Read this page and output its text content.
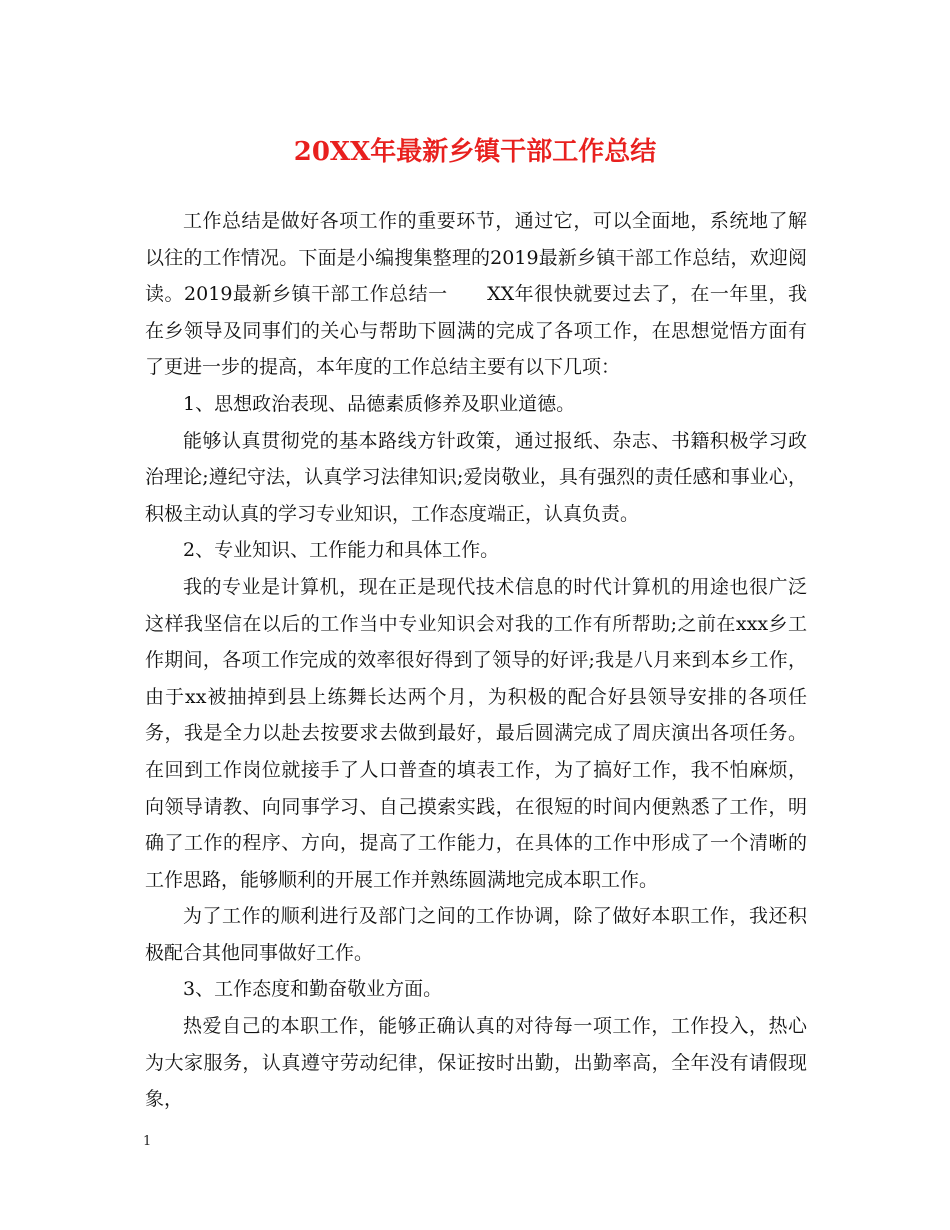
20XX年最新乡镇干部工作总结

工作总结是做好各项工作的重要环节，通过它，可以全面地，系统地了解以往的工作情况。下面是小编搜集整理的2019最新乡镇干部工作总结，欢迎阅读。2019最新乡镇干部工作总结一      XX年很快就要过去了，在一年里，我在乡领导及同事们的关心与帮助下圆满的完成了各项工作，在思想觉悟方面有了更进一步的提高，本年度的工作总结主要有以下几项：

1、思想政治表现、品德素质修养及职业道德。

能够认真贯彻党的基本路线方针政策，通过报纸、杂志、书籍积极学习政治理论;遵纪守法，认真学习法律知识;爱岗敬业，具有强烈的责任感和事业心，积极主动认真的学习专业知识，工作态度端正，认真负责。

2、专业知识、工作能力和具体工作。

我的专业是计算机，现在正是现代技术信息的时代计算机的用途也很广泛这样我坚信在以后的工作当中专业知识会对我的工作有所帮助;之前在xxx乡工作期间，各项工作完成的效率很好得到了领导的好评;我是八月来到本乡工作，由于xx被抽掉到县上练舞长达两个月，为积极的配合好县领导安排的各项任务，我是全力以赴去按要求去做到最好，最后圆满完成了周庆演出各项任务。在回到工作岗位就接手了人口普查的填表工作，为了搞好工作，我不怕麻烦，向领导请教、向同事学习、自己摸索实践，在很短的时间内便熟悉了工作，明确了工作的程序、方向，提高了工作能力，在具体的工作中形成了一个清晰的工作思路，能够顺利的开展工作并熟练圆满地完成本职工作。

为了工作的顺利进行及部门之间的工作协调，除了做好本职工作，我还积极配合其他同事做好工作。

3、工作态度和勤奋敬业方面。

热爱自己的本职工作，能够正确认真的对待每一项工作，工作投入，热心为大家服务，认真遵守劳动纪律，保证按时出勤，出勤率高，全年没有请假现象，

1
